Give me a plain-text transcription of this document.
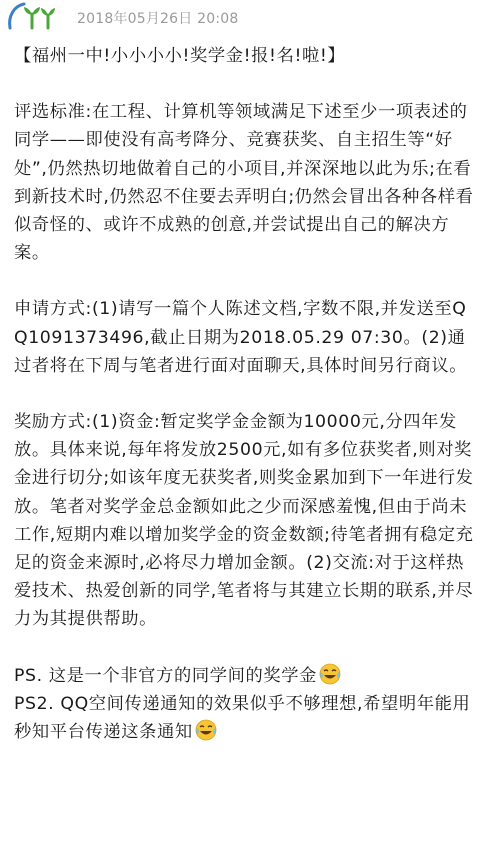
2018年05月26日 20:08

【福州一中!小小小小!奖学金!报!名!啦!】

评选标准:在工程、计算机等领域满足下述至少一项表述的同学——即使没有高考降分、竞赛获奖、自主招生等“好处”,仍然热切地做着自己的小项目,并深深地以此为乐;在看到新技术时,仍然忍不住要去弄明白;仍然会冒出各种各样看似奇怪的、或许不成熟的创意,并尝试提出自己的解决方案。

申请方式:(1)请写一篇个人陈述文档,字数不限,并发送至QQ1091373496,截止日期为2018.05.29 07:30。(2)通过者将在下周与笔者进行面对面聊天,具体时间另行商议。

奖励方式:(1)资金:暂定奖学金金额为10000元,分四年发放。具体来说,每年将发放2500元,如有多位获奖者,则对奖金进行切分;如该年度无获奖者,则奖金累加到下一年进行发放。笔者对奖学金总金额如此之少而深感羞愧,但由于尚未工作,短期内难以增加奖学金的资金数额;待笔者拥有稳定充足的资金来源时,必将尽力增加金额。(2)交流:对于这样热爱技术、热爱创新的同学,笔者将与其建立长期的联系,并尽力为其提供帮助。

PS. 这是一个非官方的同学间的奖学金

PS2. QQ空间传递通知的效果似乎不够理想,希望明年能用秒知平台传递这条通知
